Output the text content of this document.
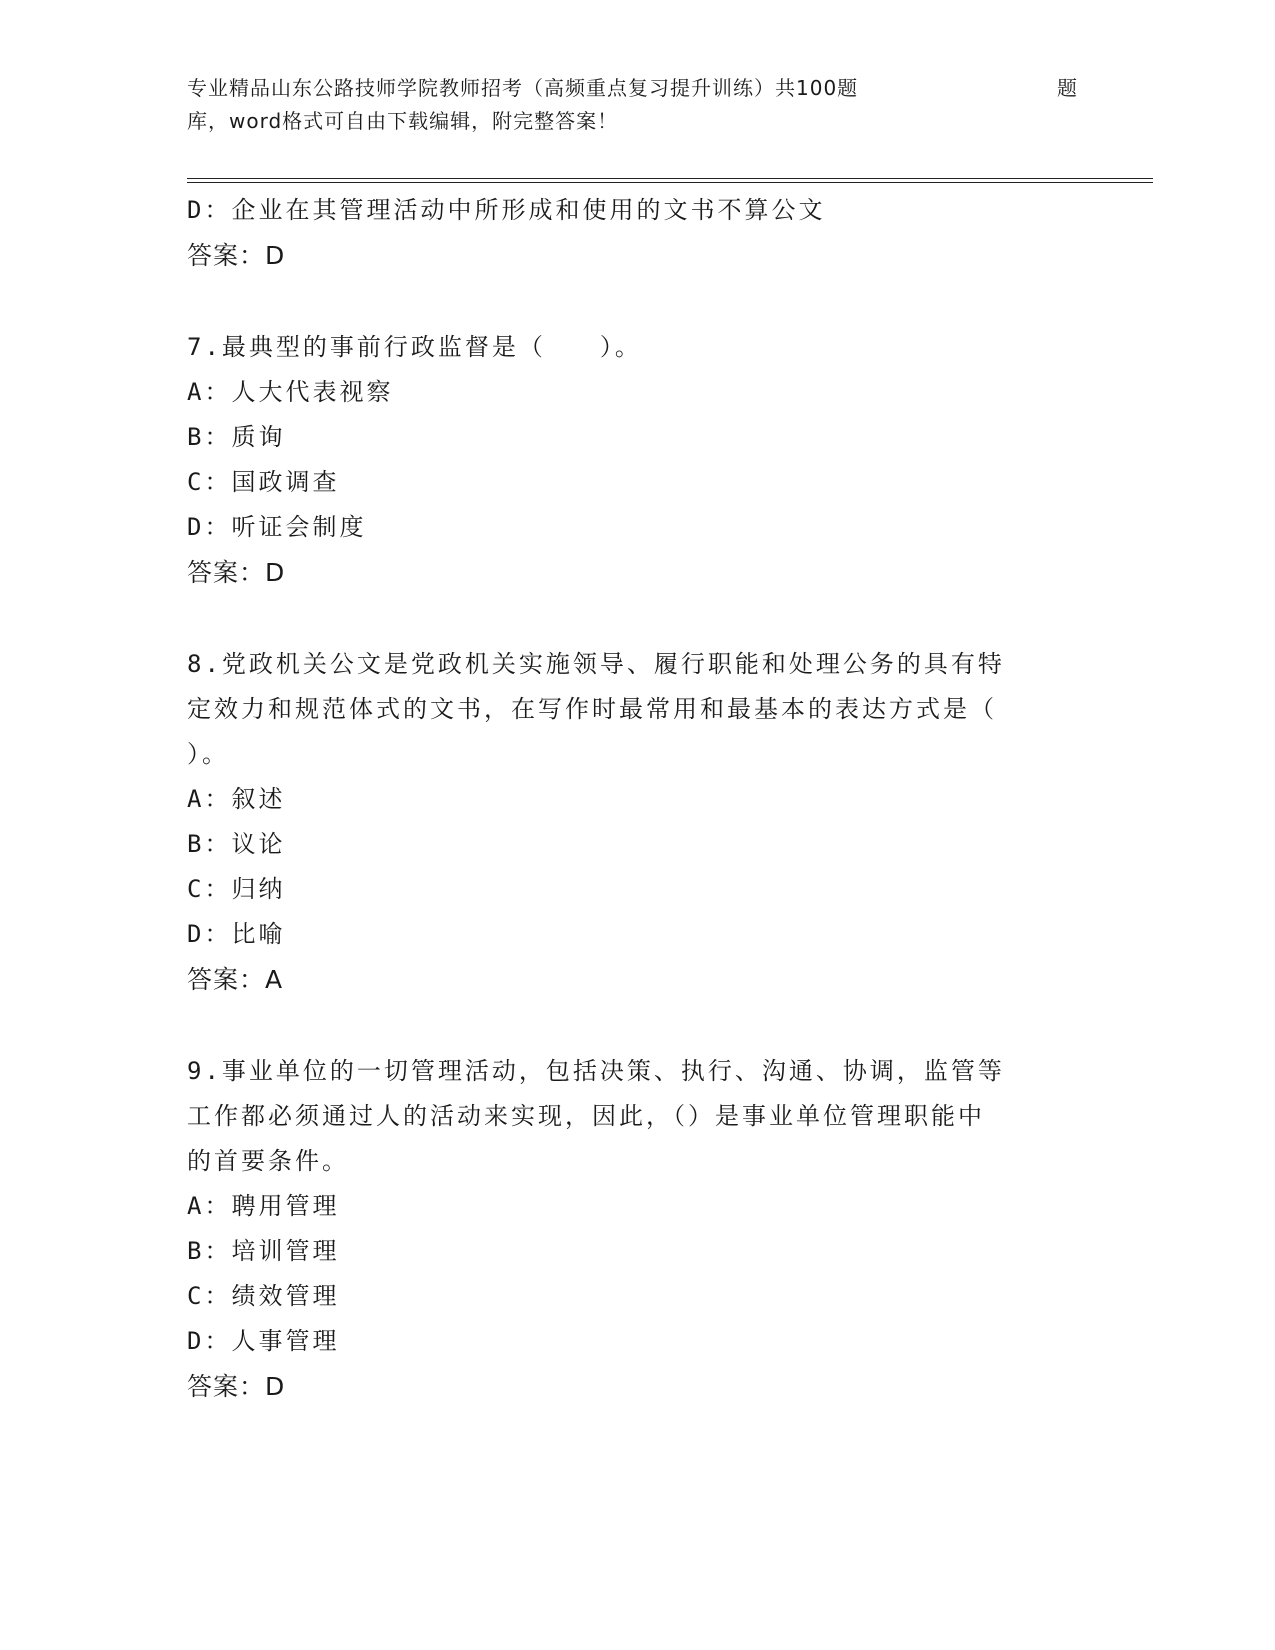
专业精品山东公路技师学院教师招考（高频重点复习提升训练）共100题	题
库，word格式可自由下载编辑，附完整答案！
D：企业在其管理活动中所形成和使用的文书不算公文
答案：D
7.最典型的事前行政监督是（　　）。
A：人大代表视察
B：质询
C：国政调查
D：听证会制度
答案：D
8.党政机关公文是党政机关实施领导、履行职能和处理公务的具有特
定效力和规范体式的文书，在写作时最常用和最基本的表达方式是（
）。
A：叙述
B：议论
C：归纳
D：比喻
答案：A
9.事业单位的一切管理活动，包括决策、执行、沟通、协调，监管等
工作都必须通过人的活动来实现，因此，（）是事业单位管理职能中
的首要条件。
A：聘用管理
B：培训管理
C：绩效管理
D：人事管理
答案：D
